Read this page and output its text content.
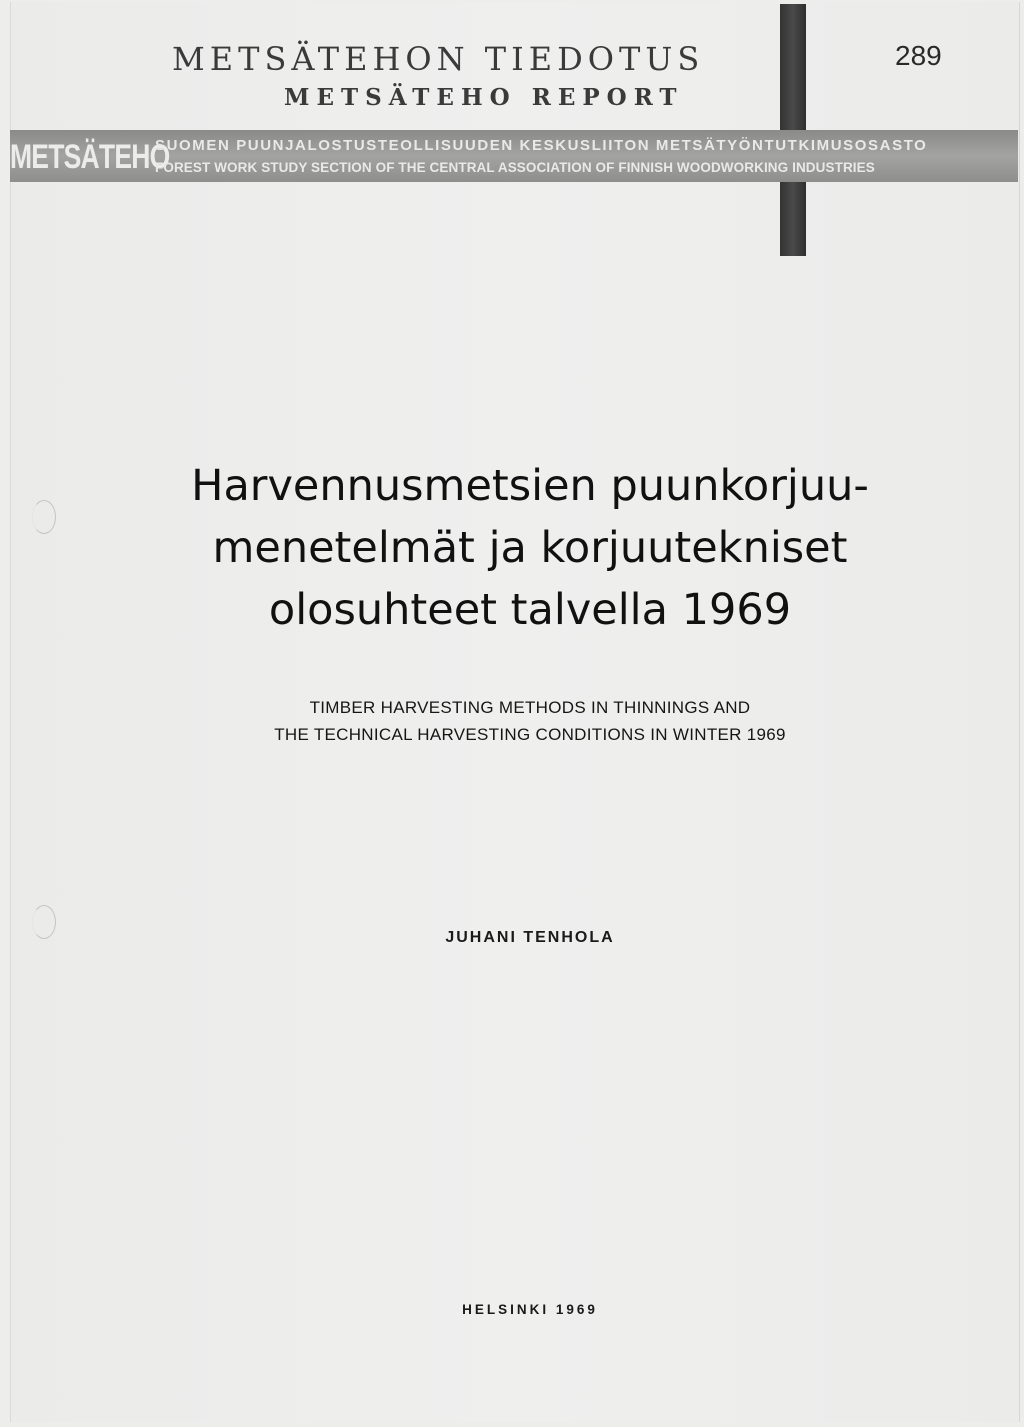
METSÄTEHON TIEDOTUS
METSÄTEHO REPORT
289
METSÄTEHO
SUOMEN PUUNJALOSTUSTEOLLISUUDEN KESKUSLIITON METSÄTYÖNTUTKIMUSOSASTO
FOREST WORK STUDY SECTION OF THE CENTRAL ASSOCIATION OF FINNISH WOODWORKING INDUSTRIES
Harvennusmetsien puunkorjuu-
menetelmät ja korjuutekniset
olosuhteet talvella 1969
TIMBER HARVESTING METHODS IN THINNINGS AND
THE TECHNICAL HARVESTING CONDITIONS IN WINTER 1969
JUHANI TENHOLA
HELSINKI 1969
